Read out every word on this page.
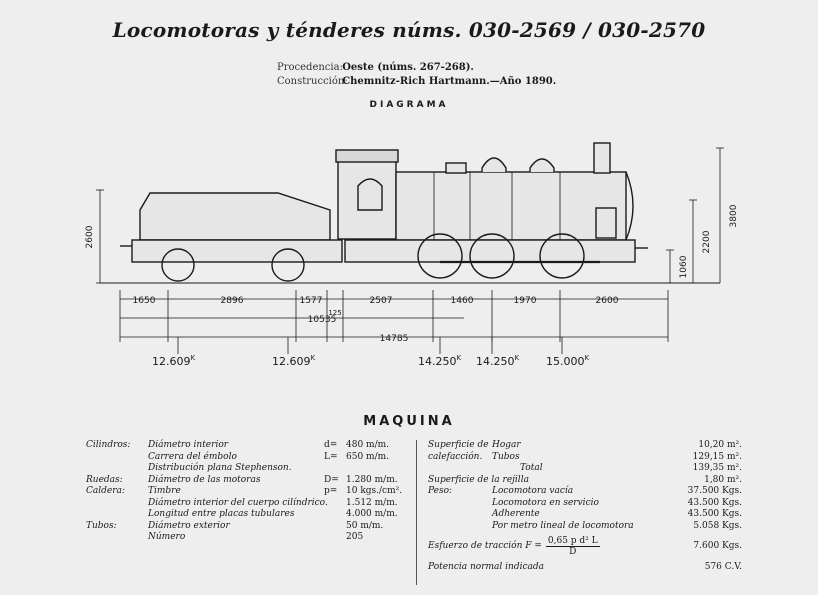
Locomotoras y ténderes núms. 030-2569 / 030-2570
Procedencia: Oeste (núms. 267-268).
Construcción: Chemnitz-Rich Hartmann.—Año 1890.
DIAGRAMA
2600
3800
2200
1060
1650	2896	1577	2507	1460	1970	2600
125
10535
14785
$12.609^K$	$12.609^K$	$14.250^K$ $14.250^K$ $15.000^K$
MAQUINA
Cilindros:	Diámetro interior	d= 480 m/m.
Carrera del émbolo	L= 650 m/m.
Distribución plana Stephenson.
Ruedas:	Diámetro de las motoras	D= 1.280 m/m.
Caldera:	Timbre	p= 10 kgs./cm².
Diámetro interior del cuerpo cilíndrico. 1.512 m/m.
Longitud entre placas tubulares	4.000 m/m.
Tubos:	Diámetro exterior	50 m/m.
Número	205
Superficie de Hogar	10,20 m².
calefacción.	Tubos	129,15 m².
Total	139,35 m².
Superficie de la rejilla	1,80 m².
Peso:	Locomotora vacía	37.500 Kgs.
Locomotora en servicio	43.500 Kgs.
Adherente	43.500 Kgs.
Por metro lineal de locomotora	5.058 Kgs.
Esfuerzo de tracción $F = \frac{\text{0,65 p d² L}}{D}$	7.600 Kgs.
Potencia normal indicada	576 C.V.
